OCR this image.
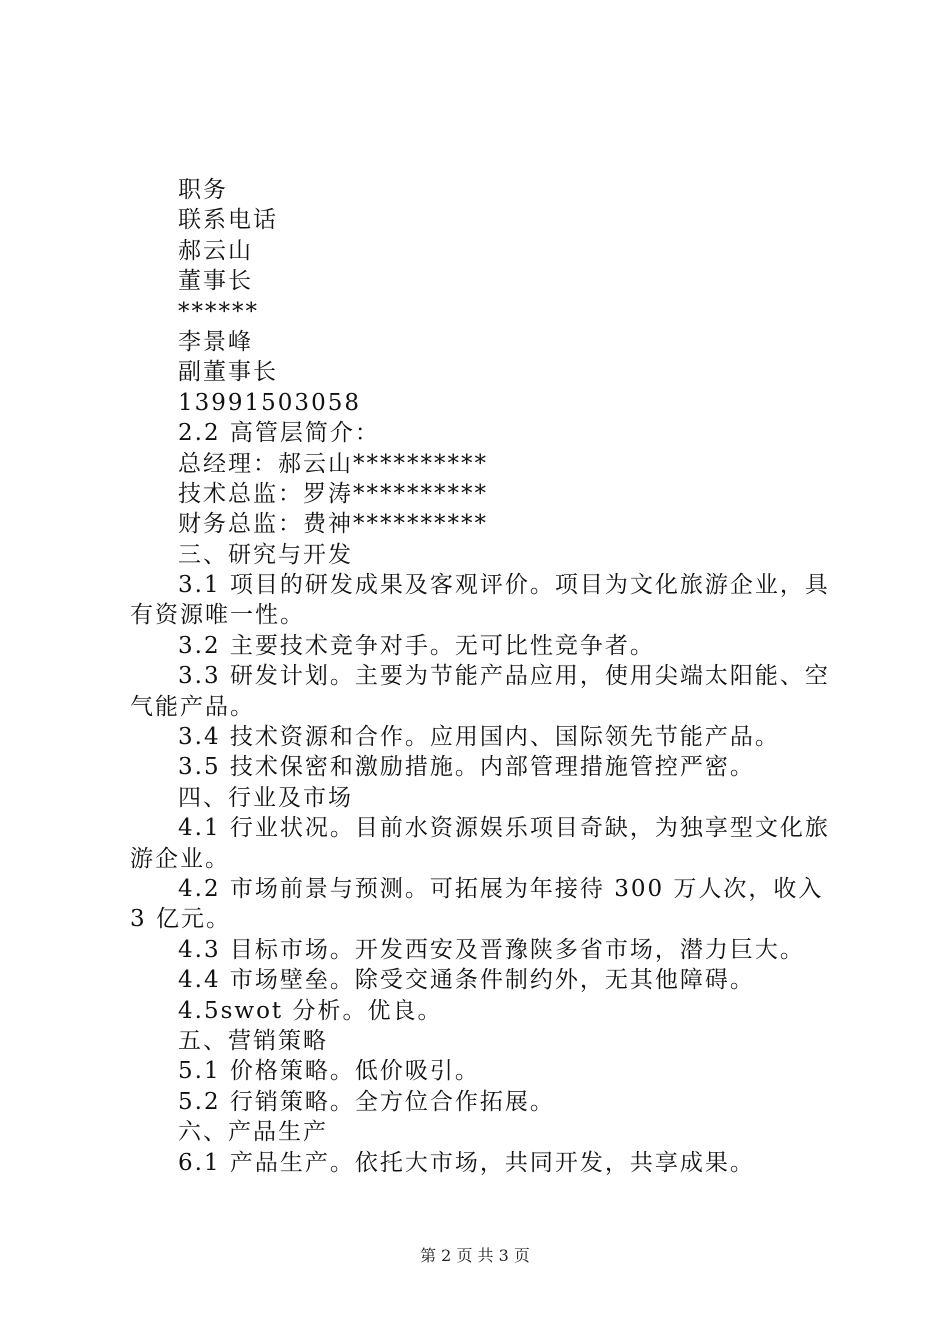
职务
联系电话
郝云山
董事长
******
李景峰
副董事长
13991503058
2.2 高管层简介：
总经理：郝云山**********
技术总监：罗涛**********
财务总监：费神**********
三、研究与开发
3.1 项目的研发成果及客观评价。项目为文化旅游企业，具有资源唯一性。
3.2 主要技术竞争对手。无可比性竞争者。
3.3 研发计划。主要为节能产品应用，使用尖端太阳能、空气能产品。
3.4 技术资源和合作。应用国内、国际领先节能产品。
3.5 技术保密和激励措施。内部管理措施管控严密。
四、行业及市场
4.1 行业状况。目前水资源娱乐项目奇缺，为独享型文化旅游企业。
4.2 市场前景与预测。可拓展为年接待 300 万人次，收入 3 亿元。
4.3 目标市场。开发西安及晋豫陕多省市场，潜力巨大。
4.4 市场壁垒。除受交通条件制约外，无其他障碍。
4.5swot 分析。优良。
五、营销策略
5.1 价格策略。低价吸引。
5.2 行销策略。全方位合作拓展。
六、产品生产
6.1 产品生产。依托大市场，共同开发，共享成果。
第 2 页 共 3 页
